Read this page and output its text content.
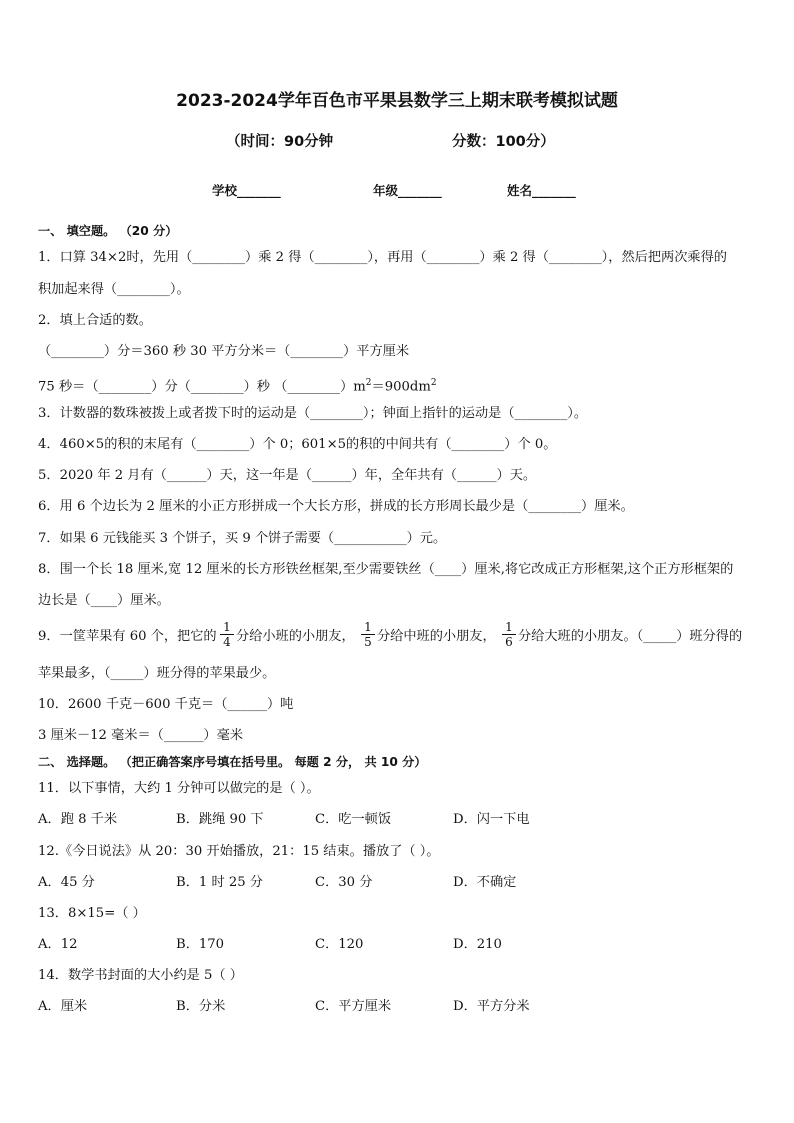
2023-2024学年百色市平果县数学三上期末联考模拟试题
（时间：90分钟	分数：100分）
学校_______	年级_______	姓名_______
一、 填空题。 （20 分）
1．口算 34×2时，先用（________）乘 2 得（________），再用（________）乘 2 得（________），然后把两次乘得的
积加起来得（________）。
2．填上合适的数。
（________）分＝360 秒 30 平方分米＝（________）平方厘米
75 秒＝（________）分（________）秒 $(\_\_\_\_\_\_\_\_)m^2=900dm^2$
3．计数器的数珠被拨上或者拨下时的运动是（________）；钟面上指针的运动是（________）。
4．460×5的积的末尾有（________）个 0；601×5的积的中间共有（________）个 0。
5．2020 年 2 月有（______）天，这一年是（______）年，全年共有（______）天。
6．用 6 个边长为 2 厘米的小正方形拼成一个大长方形，拼成的长方形周长最少是（________）厘米。
7．如果 6 元钱能买 3 个饼子，买 9 个饼子需要（___________）元。
8．围一个长 18 厘米,宽 12 厘米的长方形铁丝框架,至少需要铁丝（____）厘米,将它改成正方形框架,这个正方形框架的
边长是（____）厘米。
9．一筐苹果有 60 个，把它的 $\frac{1}{4}$ 分给小班的小朋友， $\frac{1}{5}$ 分给中班的小朋友， $\frac{1}{6}$ 分给大班的小朋友。（_____）班分得的
苹果最多，（_____）班分得的苹果最少。
10．2600 千克－600 千克＝（______）吨
3 厘米－12 毫米＝（______）毫米
二、 选择题。 （把正确答案序号填在括号里。 每题 2 分， 共 10 分）
11．以下事情，大约 1 分钟可以做完的是（ ）。
A．跑 8 千米	B．跳绳 90 下	C．吃一顿饭	D．闪一下电
12.《今日说法》从 20：30 开始播放，21：15 结束。播放了（ ）。
A．45 分	B．1 时 25 分	C．30 分	D．不确定
13．8×15=（ ）
A．12	B．170	C．120	D．210
14．数学书封面的大小约是 5（ ）
A．厘米	B．分米	C．平方厘米	D．平方分米
